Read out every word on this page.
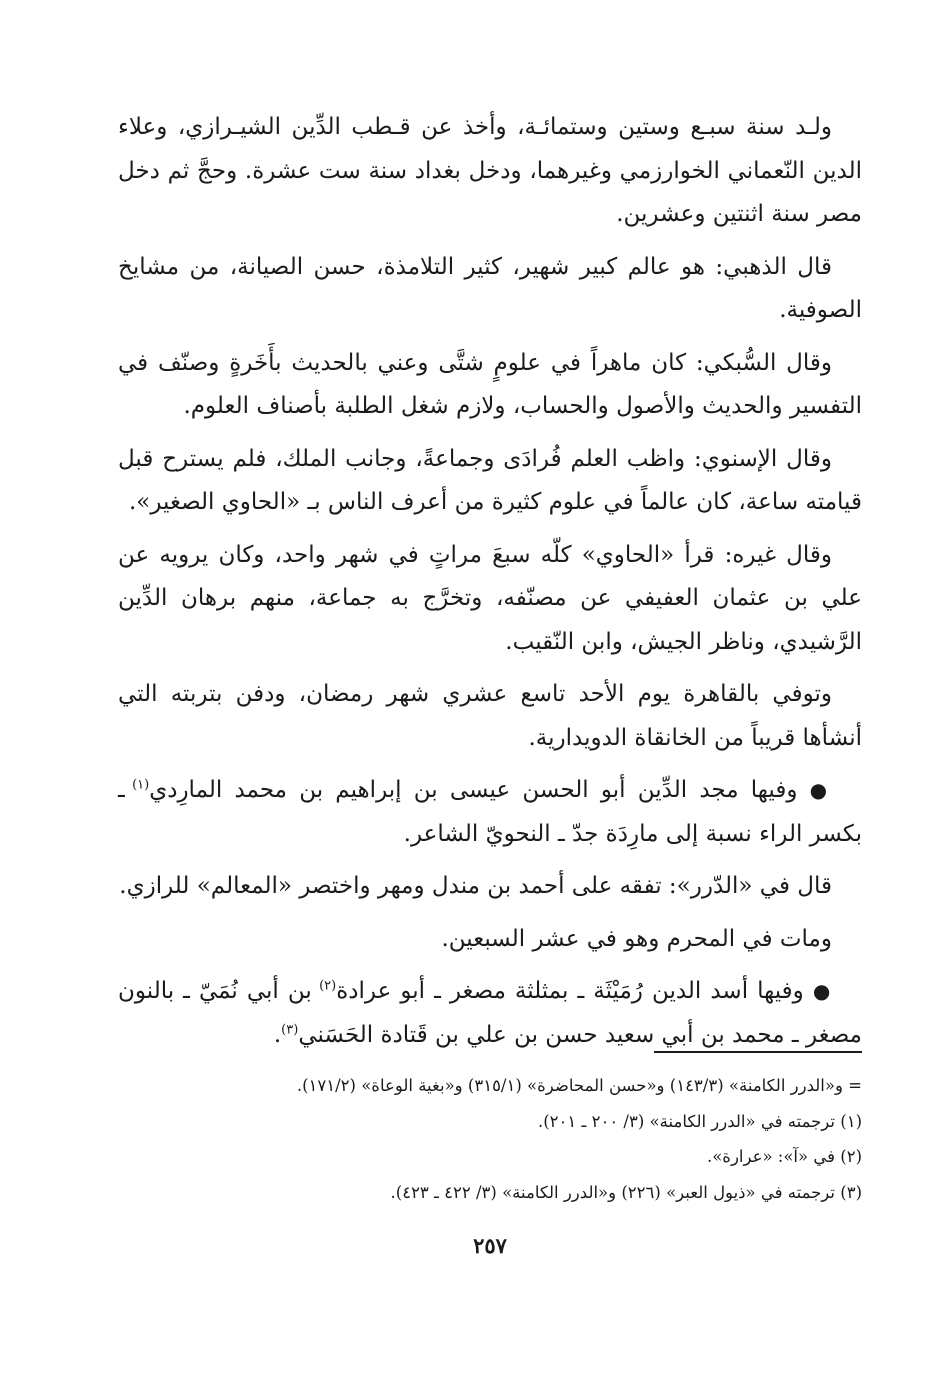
ولـد سنة سبـع وستين وستمائـة، وأخذ عن قـطب الدِّين الشيـرازي، وعلاء الدين النّعماني الخوارزمي وغيرهما، ودخل بغداد سنة ست عشرة. وحجَّ ثم دخل مصر سنة اثنتين وعشرين.

قال الذهبي: هو عالم كبير شهير، كثير التلامذة، حسن الصيانة، من مشايخ الصوفية.

وقال السُّبكي: كان ماهراً في علومٍ شتَّى وعني بالحديث بأَخَرةٍ وصنّف في التفسير والحديث والأصول والحساب، ولازم شغل الطلبة بأصناف العلوم.

وقال الإسنوي: واظب العلم فُرادَى وجماعةً، وجانب الملك، فلم يسترح قبل قيامته ساعة، كان عالماً في علوم كثيرة من أعرف الناس بـ «الحاوي الصغير».

وقال غيره: قرأ «الحاوي» كلّه سبعَ مراتٍ في شهر واحد، وكان يرويه عن علي بن عثمان العفيفي عن مصنّفه، وتخرَّج به جماعة، منهم برهان الدِّين الرَّشيدي، وناظر الجيش، وابن النّقيب.

وتوفي بالقاهرة يوم الأحد تاسع عشري شهر رمضان، ودفن بتربته التي أنشأها قريباً من الخانقاة الدويدارية.

● وفيها مجد الدِّين أبو الحسن عيسى بن إبراهيم بن محمد المارِدي$^{(١)}$ ـ بكسر الراء نسبة إلى مارِدَة جدّ ـ النحويّ الشاعر.

قال في «الدّرر»: تفقه على أحمد بن مندل ومهر واختصر «المعالم» للرازي.

ومات في المحرم وهو في عشر السبعين.

● وفيها أسد الدين رُمَيْثَة ـ بمثلثة مصغر ـ أبو عرادة$^{(٢)}$ بن أبي نُمَيّ ـ بالنون مصغر ـ محمد بن أبي سعيد حسن بن علي بن قَتادة الحَسَني$^{(٣)}$.

= و«الدرر الكامنة» (١٤٣/٣) و«حسن المحاضرة» (٣١٥/١) و«بغية الوعاة» (١٧١/٢).
(١) ترجمته في «الدرر الكامنة» (٣/ ٢٠٠ ـ ٢٠١).
(٢) في «آ»: «عرارة».
(٣) ترجمته في «ذيول العبر» (٢٢٦) و«الدرر الكامنة» (٣/ ٤٢٢ ـ ٤٢٣).
٢٥٧
